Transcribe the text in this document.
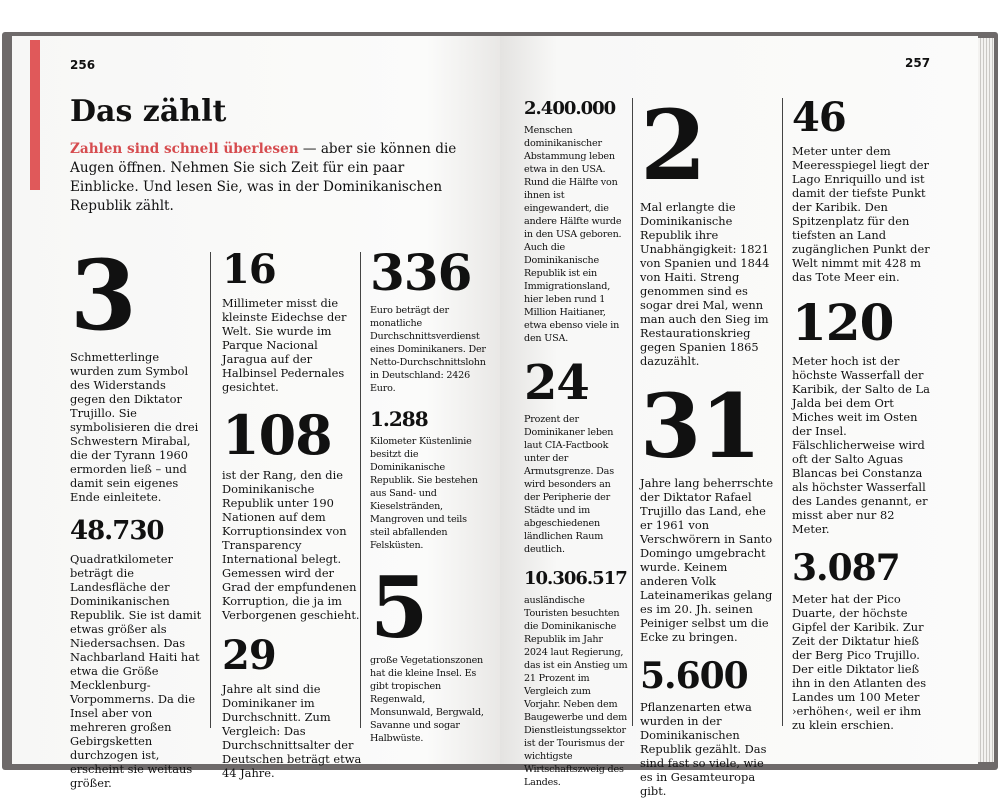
256
Das zählt
Zahlen sind schnell überlesen — aber sie können die Augen öffnen. Nehmen Sie sich Zeit für ein paar Einblicke. Und lesen Sie, was in der Dominikanischen Republik zählt.
3
Schmetterlinge wurden zum Symbol des Widerstands gegen den Diktator Trujillo. Sie symbolisieren die drei Schwestern Mirabal, die der Tyrann 1960 ermorden ließ – und damit sein eigenes Ende einleitete.
48.730
Quadratkilometer beträgt die Landesfläche der Dominikanischen Republik. Sie ist damit etwas größer als Niedersachsen. Das Nachbarland Haiti hat etwa die Größe Mecklenburg-Vorpommerns. Da die Insel aber von mehreren großen Gebirgsketten durchzogen ist, erscheint sie weitaus größer.
16
Millimeter misst die kleinste Eidechse der Welt. Sie wurde im Parque Nacional Jaragua auf der Halbinsel Pedernales gesichtet.
108
ist der Rang, den die Dominikanische Republik unter 190 Nationen auf dem Korruptionsindex von Transparency International belegt. Gemessen wird der Grad der empfundenen Korruption, die ja im Verborgenen geschieht.
29
Jahre alt sind die Dominikaner im Durchschnitt. Zum Vergleich: Das Durchschnittsalter der Deutschen beträgt etwa 44 Jahre.
336
Euro beträgt der monatliche Durchschnittsverdienst eines Dominikaners. Der Netto-Durchschnittslohn in Deutschland: 2426 Euro.
1.288
Kilometer Küstenlinie besitzt die Dominikanische Republik. Sie bestehen aus Sand- und Kieselstränden, Mangroven und teils steil abfallenden Felsküsten.
5
große Vegetationszonen hat die kleine Insel. Es gibt tropischen Regenwald, Monsunwald, Bergwald, Savanne und sogar Halbwüste.
257
2.400.000
Menschen dominikanischer Abstammung leben etwa in den USA. Rund die Hälfte von ihnen ist eingewandert, die andere Hälfte wurde in den USA geboren. Auch die Dominikanische Republik ist ein Immigrationsland, hier leben rund 1 Million Haitianer, etwa ebenso viele in den USA.
24
Prozent der Dominikaner leben laut CIA-Factbook unter der Armutsgrenze. Das wird besonders an der Peripherie der Städte und im abgeschiedenen ländlichen Raum deutlich.
10.306.517
ausländische Touristen besuchten die Dominikanische Republik im Jahr 2024 laut Regierung, das ist ein Anstieg um 21 Prozent im Vergleich zum Vorjahr. Neben dem Baugewerbe und dem Dienstleistungssektor ist der Tourismus der wichtigste Wirtschaftszweig des Landes.
2
Mal erlangte die Dominikanische Republik ihre Unabhängigkeit: 1821 von Spanien und 1844 von Haiti. Streng genommen sind es sogar drei Mal, wenn man auch den Sieg im Restaurationskrieg gegen Spanien 1865 dazuzählt.
31
Jahre lang beherrschte der Diktator Rafael Trujillo das Land, ehe er 1961 von Verschwörern in Santo Domingo umgebracht wurde. Keinem anderen Volk Lateinamerikas gelang es im 20. Jh. seinen Peiniger selbst um die Ecke zu bringen.
5.600
Pflanzenarten etwa wurden in der Dominikanischen Republik gezählt. Das sind fast so viele, wie es in Gesamteuropa gibt.
46
Meter unter dem Meeresspiegel liegt der Lago Enriquillo und ist damit der tiefste Punkt der Karibik. Den Spitzenplatz für den tiefsten an Land zugänglichen Punkt der Welt nimmt mit 428 m das Tote Meer ein.
120
Meter hoch ist der höchste Wasserfall der Karibik, der Salto de La Jalda bei dem Ort Miches weit im Osten der Insel. Fälschlicherweise wird oft der Salto Aguas Blancas bei Constanza als höchster Wasserfall des Landes genannt, er misst aber nur 82 Meter.
3.087
Meter hat der Pico Duarte, der höchste Gipfel der Karibik. Zur Zeit der Diktatur hieß der Berg Pico Trujillo. Der eitle Diktator ließ ihn in den Atlanten des Landes um 100 Meter ›erhöhen‹, weil er ihm zu klein erschien.
